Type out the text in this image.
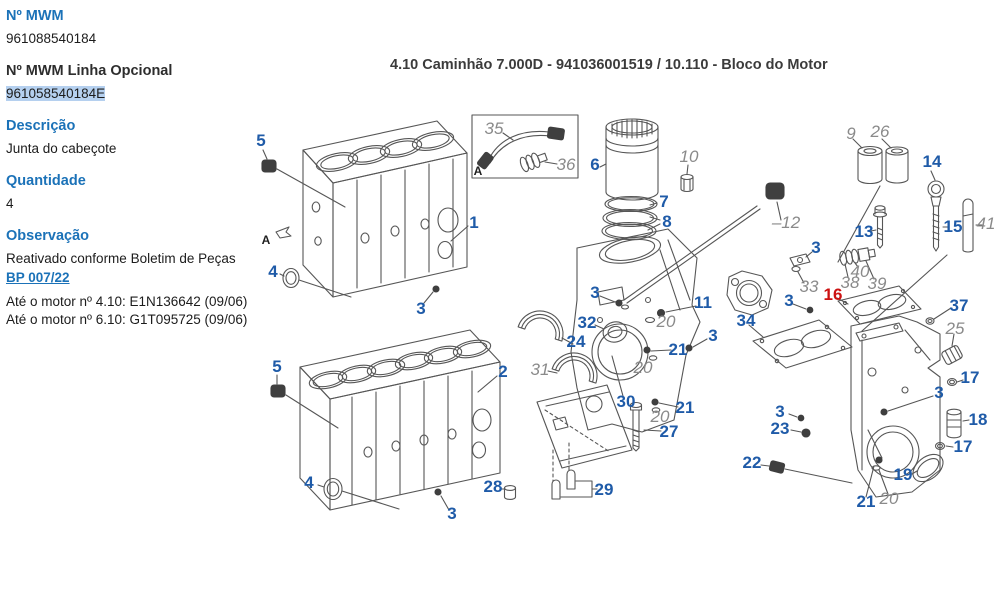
Nº MWM
961088540184
Nº MWM Linha Opcional
961058540184E
Descrição
Junta do cabeçote
Quantidade
4
Observação
Reativado conforme Boletim de Peças
BP 007/22
Até o motor nº 4.10: E1N136642 (09/06)
Até o motor nº 6.10: G1T095725 (09/06)
4.10 Caminhão 7.000D - 941036001519 / 10.110 - Bloco do Motor
5
1
4
A
3
5	2
4	28
3
35
36
A	6	10
7
8
3
11
20
32
24	21
3
31	20
30 21
20
27
29
9 26
14
–12	13	15 41
3
40
38 39
33 16
3	37
25
34
17
3
18
17
19
3
23
22
21 20
